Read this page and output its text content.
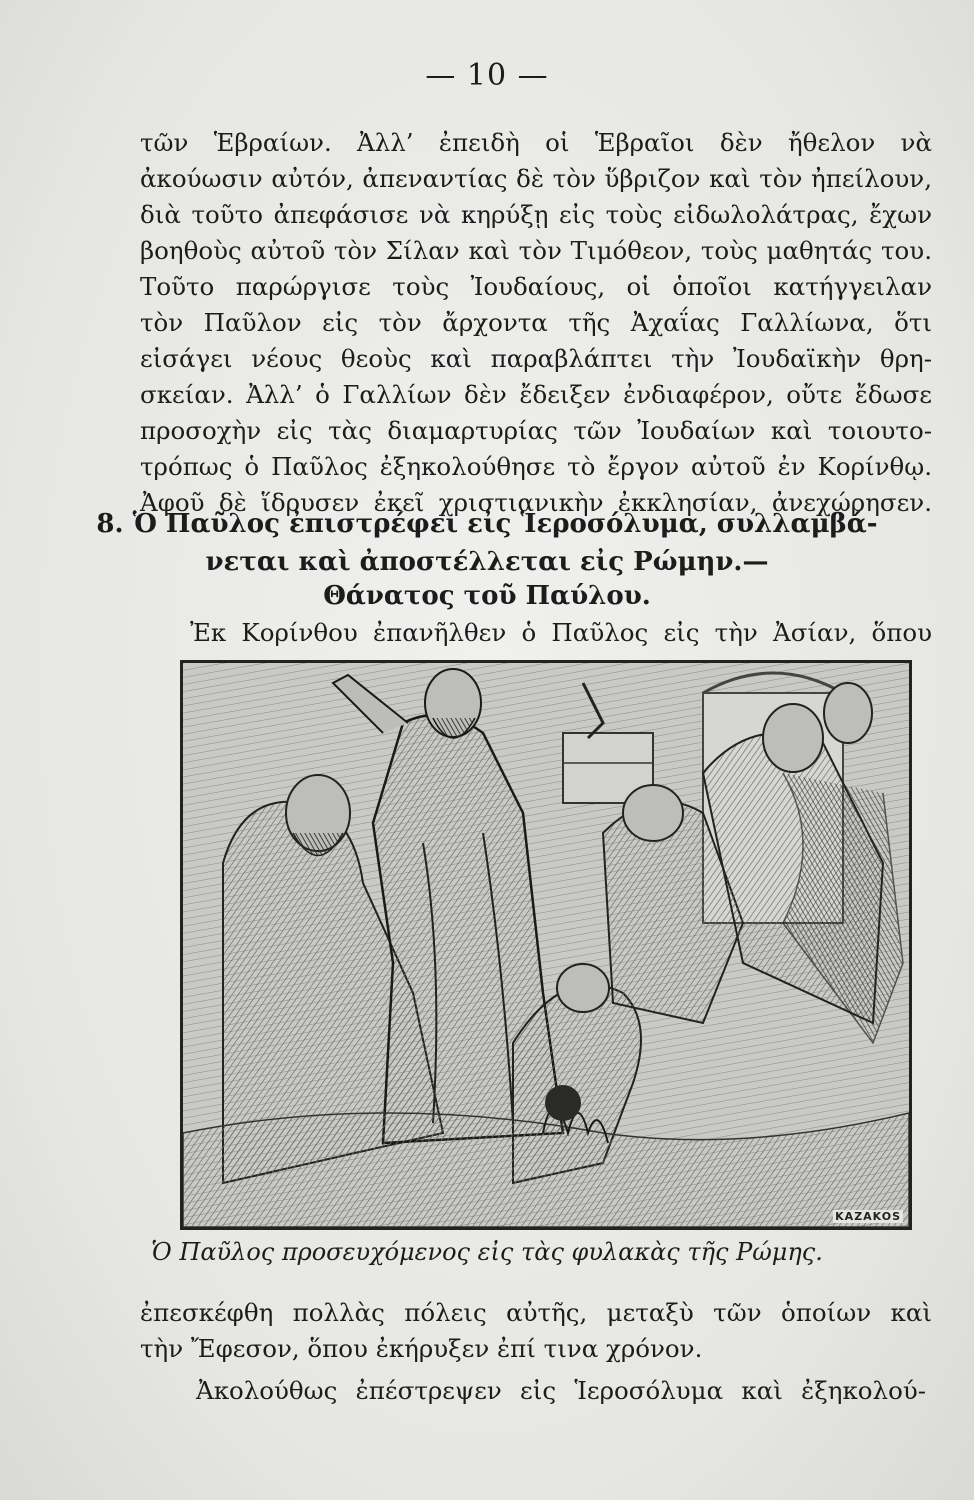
— 10 —
τῶν Ἑβραίων. Ἀλλ’ ἐπειδὴ οἱ Ἑβραῖοι δὲν ἤθελον νὰ
ἀκούωσιν αὐτόν, ἀπεναντίας δὲ τὸν ὕβριζον καὶ τὸν ἠπείλουν,
διὰ τοῦτο ἀπεφάσισε νὰ κηρύξῃ εἰς τοὺς εἰδωλολάτρας, ἔχων
βοηθοὺς αὐτοῦ τὸν Σίλαν καὶ τὸν Τιμόθεον, τοὺς μαθητάς του.
Τοῦτο παρώργισε τοὺς Ἰουδαίους, οἱ ὁποῖοι κατήγγειλαν
τὸν Παῦλον εἰς τὸν ἄρχοντα τῆς Ἀχαΐας Γαλλίωνα, ὅτι
εἰσάγει νέους θεοὺς καὶ παραβλάπτει τὴν Ἰουδαϊκὴν θρη-
σκείαν. Ἀλλ’ ὁ Γαλλίων δὲν ἔδειξεν ἐνδιαφέρον, οὔτε ἔδωσε
προσοχὴν εἰς τὰς διαμαρτυρίας τῶν Ἰουδαίων καὶ τοιουτο-
τρόπως ὁ Παῦλος ἐξηκολούθησε τὸ ἔργον αὐτοῦ ἐν Κορίνθῳ.
Ἀφοῦ δὲ ἵδρυσεν ἐκεῖ χριστιανικὴν ἐκκλησίαν, ἀνεχώρησεν.
8. Ὁ Παῦλος ἐπιστρέφει εἰς Ἱεροσόλυμα, συλλαμβά-
νεται καὶ ἀποστέλλεται εἰς Ρώμην.—
Θάνατος τοῦ Παύλου.
Ἐκ Κορίνθου ἐπανῆλθεν ὁ Παῦλος εἰς τὴν Ἀσίαν, ὅπου
KAZAKOS
Ὁ Παῦλος προσευχόμενος εἰς τὰς φυλακὰς τῆς Ρώμης.
ἐπεσκέφθη πολλὰς πόλεις αὐτῆς, μεταξὺ τῶν ὁποίων καὶ
τὴν Ἔφεσον, ὅπου ἐκήρυξεν ἐπί τινα χρόνον.
Ἀκολούθως ἐπέστρεψεν εἰς Ἱεροσόλυμα καὶ ἐξηκολού-
